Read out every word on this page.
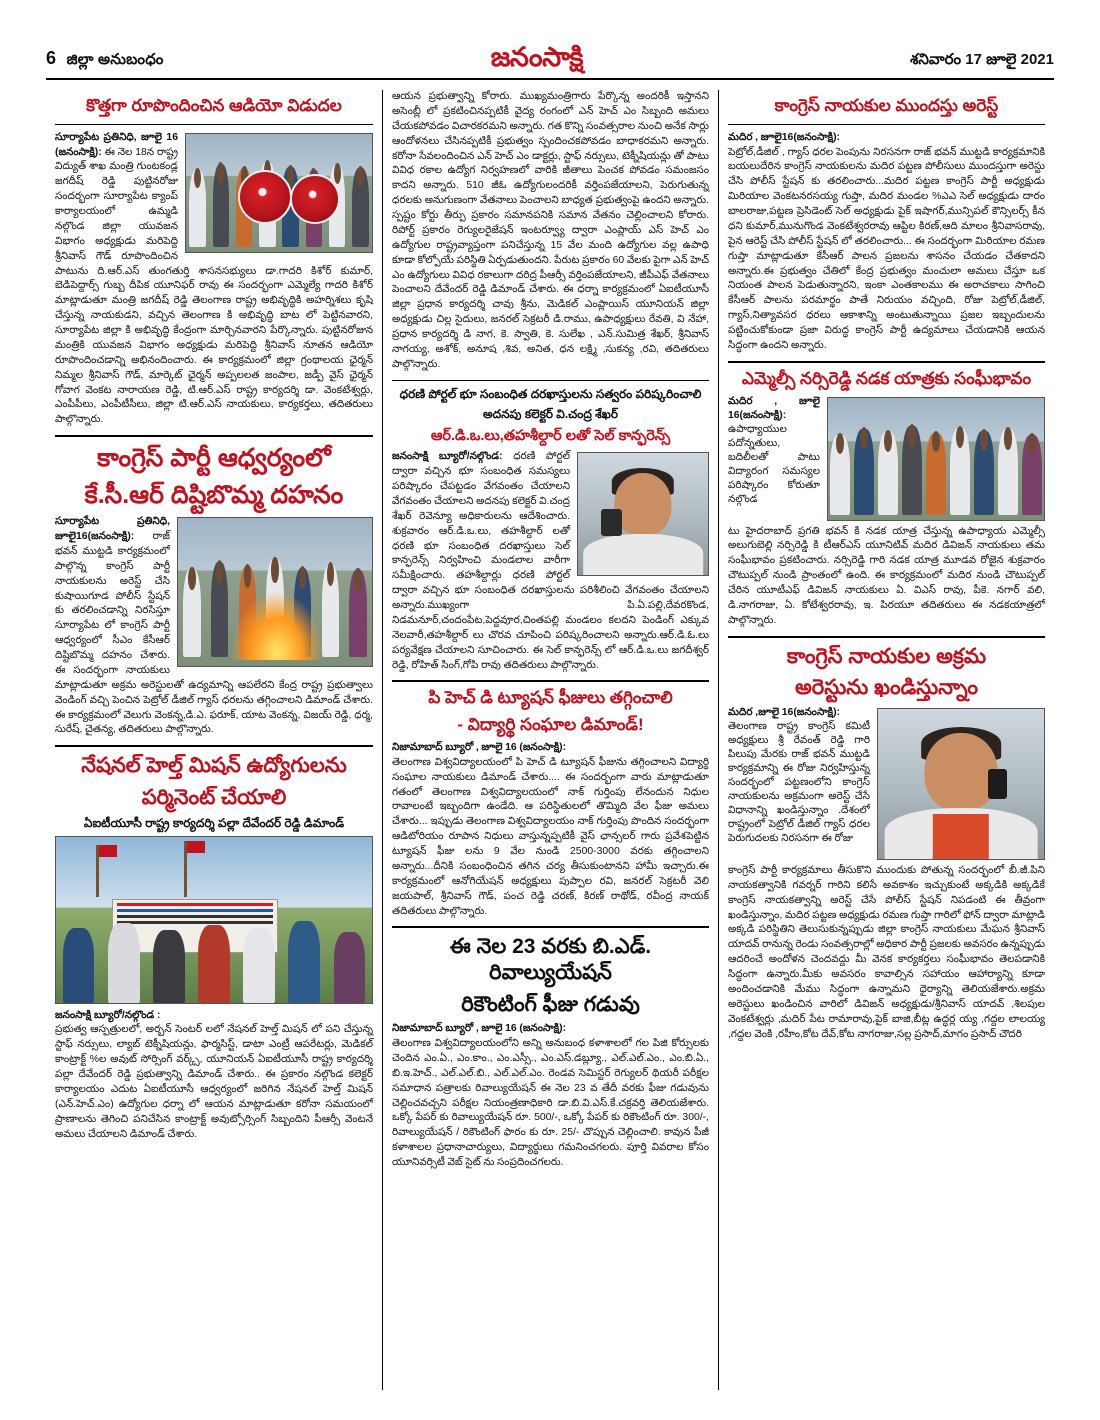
6 జిల్లా అనుబంధం	జనంసాక్షి	శనివారం 17 జూలై 2021
కొత్తగా రూపొందించిన ఆడియో విడుదల
సూర్యాపేట ప్రతినిధి, జూలై 16 (జనంసాక్షి): ఈ నెల 18న రాష్ట్ర విద్యుత్ శాఖ మంత్రి గుంటకండ్ల జగదీష్ రెడ్డి పుట్టినరోజు సందర్భంగా సూర్యాపేట క్యాంప్ కార్యాలయంలో ఉమ్మడి నల్గొండ జిల్లా యువజన విభాగం అధ్యక్షుడు మరిపెద్ది శ్రీనివాస్ గౌడ్ రూపొందించిన పాటును ది.ఆర్.ఎస్ తుంగతుర్తి శాసనసభ్యులు డా.గాదరి కిశోర్ కుమార్, బెడిపెద్దార్స్ గుబ్బ దీపిక యూనిఫర్ రావు ఈ సందర్భంగా ఎమ్మెల్యే గాదరి కిశోర్ మాట్లాడుతూ మంత్రి జగదీష్ రెడ్డి తెలంగాణ రాష్ట్ర అభివృద్ధికి అహర్నిశలు కృషి చేస్తున్న నాయకుడని, వచ్చిన తెలంగాణ కి అభివృద్ధి బాట లో పెట్టినవారని, సూర్యాపేట జిల్లా కి అభివృద్ధి కేంద్రంగా మార్చినవారని పేర్కొన్నారు. పుట్టినరోజున మంత్రికి యువజన విభాగం అధ్యక్షుడు మరిపెద్ది శ్రీనివాస్ నూతన ఆడియో రూపొందించడాన్ని అభినందించారు. ఈ కార్యక్రమంలో జిల్లా గ్రంథాలయ ఛైర్మన్ నిమ్మల శ్రీనివాస్ గౌడ్, మార్కెట్ ఛైర్మన్ అప్పలలత జంపాల, జడ్పీ వైస్ ఛైర్మన్ గోవాగ వెంకట నారాయణ రెడ్డి, టి.ఆర్.ఎస్ రాష్ట్ర కార్యదర్శి డా. వెంకటేశ్వర్లు, ఎంపీపీలు, ఎంపీటీసీలు, జిల్లా టి.ఆర్.ఎస్ నాయకులు, కార్యకర్తలు, తదితరులు పాల్గొన్నారు.
కాంగ్రెస్ పార్టీ ఆధ్వర్యంలో
కే.సీ.ఆర్ దిష్టిబొమ్మ దహనం
సూర్యాపేట ప్రతినిధి, జూలై16(జనంసాక్షి): రాజ్ భవన్ ముట్టడి కార్యక్రమంలో పాల్గొన్న కాంగ్రెస్ పార్టీ నాయకులను అరెస్ట్ చేసి కుషాయిగూడ పోలీస్ స్టేషన్ కు తరలించడాన్ని నిరసిస్తూ సూర్యాపేట లో కాంగ్రెస్ పార్టీ ఆధ్వర్యంలో సీఎం కేసీఆర్ దిష్టిబొమ్మ దహనం చేశారు. ఈ సందర్భంగా నాయకులు మాట్లాడుతూ అక్రమ అరెస్టులతో ఉద్యమాన్ని ఆపలేరని కేంద్ర రాష్ట్ర ప్రభుత్వాలు వెండింగ్ వచ్చి పెంచిన పెట్రోల్ డీజిల్ గ్యాస్ ధరలను తగ్గించాలని డిమాండ్ చేశారు. ఈ కార్యక్రమంలో వెలుగు వెంకన్న,డి.ఎ. ఫరూక్, యాట వెంకన్న, విజయ్ రెడ్డి, ధర్మ, సురేష్, చైతన్య, తదితరులు పాల్గొన్నారు.
నేషనల్ హెల్త్ మిషన్ ఉద్యోగులను
పర్మినెంట్ చేయాలి
ఏఐటీయూసీ రాష్ట్ర కార్యదర్శి పల్లా దేవేందర్ రెడ్డి డిమాండ్
జనంసాక్షి బ్యూరో/నల్గొండ :
ప్రభుత్వ ఆస్పత్రులలో, అర్బన్ సెంటర్ లలో నేషనల్ హెల్త్ మిషన్ లో పని చేస్తున్న స్టాఫ్ నర్సులు, ల్యాబ్ టెక్నీషియన్లు, ఫార్మసిస్ట్, డాటా ఎంట్రీ ఆపరేటర్లు, మెడికల్ కాంట్రాక్ట్ %ల అవుట్ సోర్సింగ్ వర్క్స్, యూనియన్ ఏఐటీయూసీ రాష్ట్ర కార్యదర్శి పల్లా దేవేందర్ రెడ్డి ప్రభుత్వాన్ని డిమాండ్ చేశారు.. ఈ ప్రకారం నల్గొండ కలెక్టర్ కార్యాలయం ఎదుట ఏఐటీయూసీ ఆధ్వర్యంలో జరిగిన నేషనల్ హెల్త్ మిషన్ (ఎన్.హెచ్.ఎం) ఉద్యోగుల ధర్నా లో ఆయన మాట్లాడుతూ కరోనా సమయంలో ప్రాణాలను తెగించి పనిచేసిన కాంట్రాక్ట్ అవుట్సోర్సింగ్ సిబ్బందిని పీఆర్సీ వెంటనే అమలు చేయాలని డిమాండ్ చేశారు.
ఆయన ప్రభుత్వాన్ని కోరారు. ముఖ్యమంత్రిగారు పేర్కొన్న అందరికీ ఇస్తానని అసెంబ్లీ లో ప్రకటించినప్పటికీ వైద్య రంగంలో ఎన్ హెచ్ ఎం సిబ్బంది అమలు చేయకపోవడం విచారకరమని అన్నారు. గత కొన్ని సంవత్సరాల నుంచి అనేక సార్లు ఆందోళనలు చేసినప్పటికీ ప్రభుత్వం స్పందించకపోవడం బాధాకరమని అన్నారు. కరోనా సేవలందించిన ఎన్ హెచ్ ఎం డాక్టర్లు, స్టాఫ్ నర్సులు, టెక్నీషియన్లు తో పాటు వివిధ రకాల ఉద్యోగ నిర్వహణలో వారికి జీతాలు పెంచక పోవడం సమంజసం కాదని అన్నారు. 510 జీఓ ఉద్యోగులందరికీ వర్తింపజేయాలని, పెరుగుతున్న ధరలకు అనుగుణంగా వేతనాలు పెంచాలని బాధ్యత ప్రభుత్వంపై ఉందని అన్నారు. స్పష్టం కోర్టు తీర్పు ప్రకారం సమానపనికి సమాన వేతనం చెల్లించాలని కోరారు. రిపోర్ట్ ప్రకారం రెగ్యులరైజేషన్ ఇంటర్వ్యూ ద్వారా ఎంప్లాయ్ ఎస్ హెచ్ ఎం ఉద్యోగుల రాష్ట్రవ్యాప్తంగా పనిచేస్తున్న 15 వేల మంది ఉద్యోగుల వల్ల ఉపాధి కూడా కోల్పోయే పరిస్థితి ఏర్పడుతుందని. పేరుట ప్రకారం 60 వేలకు పైగా ఎన్ హెచ్ ఎం ఉద్యోగులు వివిధ రకాలుగా దరిద్ర పీఆర్సీ వర్తింపజేయాలని, జీపీఎఫ్ వేతనాలు పెంచాలని దేవేందర్ రెడ్డి డిమాండ్ చేశారు. ఈ ధర్నా కార్యక్రమంలో ఏఐటీయూసీ జిల్లా ప్రధాన కార్యదర్శి చావు శ్రీను, మెడికల్ ఎంప్లాయిస్ యూనియన్ జిల్లా అధ్యక్షుడు చిల్ల సైదులు, జనరల్ సెక్రటరీ డి.రాము, ఉపాధ్యక్షులు రేవతి, వి నేహా, ప్రధాన కార్యదర్శి డి నాగ, కె. స్వాతి, కె. సులేఖ , ఎన్.సుమిత్ర శేఖర్, శ్రీనివాస్ నాగయ్య, అశోక్, అనూష ,శివ, అనిత, ధన లక్ష్మి ,సుకన్య ,రవి, తదితరులు పాల్గొన్నారు.
ధరణి పోర్టల్ భూ సంబంధిత దరఖాస్తులను సత్వరం పరిష్కరించాలి
అదనపు కలెక్టర్ వి.చంద్ర శేఖర్
ఆర్.డి.ఒ.లు,తహశీల్దార్ లతో సెల్ కాన్ఫరెన్స్
జనంసాక్షి బ్యూరో/నల్గొండ: ధరణి పోర్టల్ ద్వారా వచ్చిన భూ సంబంధిత సమస్యలు పరిష్కారం చేపట్టడం వేగవంతం చేయాలని వేగవంతం చేయాలని అదనపు కలెక్టర్ వి.చంద్ర శేఖర్ రెవెన్యూ అధికారులను ఆదేశించారు. శుక్రవారం ఆర్.డి.ఒ.లు, తహశీల్దార్ లతో ధరణి భూ సంబంధిత దరఖాస్తులు సెల్ కాన్ఫరెన్స్ నిర్వహించి మండలాల వారీగా సమీక్షించారు. తహశీల్దార్లు ధరణి పోర్టల్ ద్వారా వచ్చిన భూ సంబంధిత దరఖాస్తులను పరిశీలించి వేగవంతం చేయాలని అన్నారు.ముఖ్యంగా పి.ఏ.పల్లి,దేవరకొండ, నిడమనూర్,చందంపేట,పెద్దవూర,చింతపల్లి మండలం కలదని పెండింగ్ ఎక్కువ నెలవారీ,తహశీల్దార్ లు చొరవ చూపించి పరిష్కరించాలని అన్నారు.ఆర్.డి.ఓ.లు పర్యవేక్షణ చేయాలని సూచించారు. ఈ సెల్ కాన్ఫరెన్స్ లో ఆర్.డి.ఒ.లు జగదీశ్వర్ రెడ్డి, రోహిత్ సింగ్,గోపి రావు తదితరులు పాల్గొన్నారు.
పి హెచ్ డి ట్యూషన్ ఫీజులు తగ్గించాలి
- విద్యార్థి సంఘాల డిమాండ్!
నిజామాబాద్ బ్యూరో , జూలై 16 (జనంసాక్షి):
తెలంగాణ విశ్వవిద్యాలయంలో పి హెచ్ డి ట్యూషన్ ఫీజును తగ్గించాలని విద్యార్థి సంఘాల నాయకులు డిమాండ్ చేశారు.... ఈ సందర్భంగా వారు మాట్లాడుతూ గతంలో తెలంగాణ విశ్వవిద్యాలయంలో నాక్ గుర్తింపు లేనందున నిధుల రావాలంటే ఇబ్బందిగా ఉండేది. ఆ పరిస్థితులలో తొమ్మిది వేల ఫీజు అమలు చేశారు... ఇప్పుడు తెలంగాణ విశ్వవిద్యాలయం నాక్ గుర్తింపు పొందిన సందర్భంగా ఆడిటోరియం రూపాన నిధులు వాస్తున్నప్పటికీ వైస్ ఛాన్సలర్ గారు ప్రవేశపెట్టిన ట్యూషన్ ఫీజు లను 9 వేల నుండి 2500-3000 వరకు తగ్గించాలని అన్నారు...దీనికి సంబంధించిన తగిన చర్య తీసుకుంటానని హామీ ఇచ్చారు.ఈ కార్యక్రమంలో ఆనోగియేషన్ అధ్యక్షులు పుప్పాల రవి, జనరల్ సెక్రటరీ వెలి జయపాల్, శ్రీనివాస్ గౌడ్, పంచ రెడ్డి చరణ్, కిరణ్ రాథోడ్, రవీంద్ర నాయక్ తదితరులు పాల్గొన్నారు.
ఈ నెల 23 వరకు బి.ఎడ్. రివాల్యుయేషన్
రికౌంటింగ్ ఫీజు గడువు
నిజామాబాద్ బ్యూరో , జూలై 16 (జనంసాక్షి):
తెలంగాణ విశ్వవిద్యాలయంలోని అన్ని అనుబంధ కళాశాలలో గల పిజి కోర్సులకు చెందిన ఎం.ఏ., ఎం.కాం., ఎం.ఎస్సీ., ఎం.ఎస్.డబ్ల్యూ., ఎల్.ఎల్.ఎం., ఎం.బి.ఏ., బి.ఇ.హెచ్., ఎల్.ఎల్.బి., ఎల్.ఎల్.ఎం. రెండవ సెమిస్టర్ రెగ్యులర్ థియరీ పరీక్షల సమాధాన పత్రాలకు రివాల్యుయేషన్ ఈ నెల 23 వ తేదీ వరకు ఫీజు గడువును చెల్లించవచ్చని పరీక్షల నియంత్రణాధికారి డా.బి.వి.ఎస్.కే.చక్రవర్తి తెలియజేశారు. ఒక్కో పేపర్ కు రివాల్యుయేషన్ రూ. 500/-, ఒక్కో పేపర్ కు రికౌంటింగ్ రూ. 300/-, రివాల్యుయేషన్ / రికౌంటింగ్ ఫారం కు రూ. 25/- చొప్పున చెల్లించాలి. కావున పీజీ కళాశాలల ప్రధానాచార్యులు, విద్యార్థులు గమనించగలరు. పూర్తి వివరాల కోసం యూనివర్సిటీ వెబ్ సైట్ ను సంప్రదించగలరు.
కాంగ్రెస్ నాయకుల ముందస్తు అరెస్ట్
మదిర , జూలై16(జనంసాక్షి):
పెట్రోల్,డీజిల్ , గ్యాస్ ధరల పెంపును నిరసనగా రాజ్ భవన్ ముట్టడి కార్యక్రమానికి బయలుదేరిన కాంగ్రెస్ నాయకులను మదిర పట్టణ పోలీసులు ముందస్తుగా అరెస్టు చేసి పోలీస్ స్టేషన్ కు తరలించారు...మదిర పట్టణ కాంగ్రెస్ పార్టీ అధ్యక్షుడు మిరియాల వెంకటనరసయ్య గుప్తా, మదిర మండల %ఎఎ సెల్ అధ్యక్షుడు దారం బాలరాజు,పట్టణ ప్రెసిడెంట్ సెల్ అధ్యక్షుడు పైక్ ఇషాగర్,మున్సిపల్ కౌన్సిలర్స్ కీన ధని కుమార్,మునుగొండ వెంకటేశ్వరరావు ఆప్టిల కిరణ్,ఆది మాలం శ్రీనివాసరావు, పైన ఆరెస్ట్ చేసి పోలీస్ స్టేషన్ లో తరలించారు... ఈ సందర్భంగా మిరియాల రమణ గుప్తా మాట్లాడుతూ కేసీఆర్ పాలన ప్రజలను శాసనం చేయడం చేతకాదని అన్నారు.ఈ ప్రభుత్వం చేతిలో కేంద్ర ప్రభుత్వం మంచులా అమలు చేస్తూ ఒక నియంత పాలన పెడుతున్నారని, ఇంకా ఎంతకాలము ఈ అరాచకాలు సాగించి కేసీఆర్ పాలను పరమార్థం పాతే నిరుయం వచ్చింది, రోజు పెట్రోల్,డీజిల్, గ్యాస్,నిత్యావసర ధరలు ఆకాశాన్ని అంటుతున్నాయి ప్రజల ఇబ్బందులను పట్టించుకోకుండా ప్రజా విరుద్ధ కాంగ్రెస్ పార్టీ ఉద్యమాలు చేయడానికి ఆయన సిద్ధంగా ఉందని అన్నారు.
ఎమ్మెల్సీ నర్సిరెడ్డి నడక యాత్రకు సంఘీభావం
మదిర , జూలై 16(జనంసాక్షి):
ఉపాధ్యాయుల పదోన్నతులు, బదిలీలతో పాటు విద్యారంగ సమస్యల పరిష్కారం కోరుతూ నల్గొండ
టు హైదరాబాద్ ప్రగతి భవన్ కి నడక యాత్ర చేస్తున్న ఉపాధ్యాయ ఎమ్మెల్సీ అలుగుబెల్లి నర్సిరెడ్డి కి టీఆర్ఎస్ యూనిటివ్ మదిర డివిజన్ నాయకులు తమ సంఘీభావం ప్రకటించారు. నర్సిరెడ్డి గారి నడక యాత్ర మూడవ రోజైన శుక్రవారం చౌటుప్పల్ నుండి ప్రాంతంలో ఉంది. ఈ కార్యక్రమంలో మదిర నుండి చౌటుప్పల్ చేరిన యూటీఎఫ్ డివిజన్ నాయకులు ఏ. విఎస్ రావు, పీకె. నగార్ వలి, డి.నాగరాజు, ఏ. కోటేశ్వరరావు, ఇ. పిరయూ తదితరులు ఈ నడకయాత్రలో పాల్గొన్నారు.
కాంగ్రెస్ నాయకుల అక్రమ
అరెస్టును ఖండిస్తున్నాం
మదిర ,జూలై 16(జనంసాక్షి):
తెలంగాణ రాష్ట్ర కాంగ్రెస్ కమిటీ అధ్యక్షులు శ్రీ రేవంత్ రెడ్డి గారి పిలుపు మేరకు రాజ్ భవన్ ముట్టడి కార్యక్రమాన్ని ఈ రోజు నిర్వహిస్తున్న సందర్భంలో పట్టణంలోని కాంగ్రెస్ నాయకులను అక్రమంగా అరెస్ట్ చేసే విధానాన్ని ఖండిస్తున్నాం .దేశంలో రాష్ట్రంలో పెట్రోల్ డీజిల్ గ్యాస్ ధరల పెరుగుదలకు నిరసనగా ఈ రోజు
కాంగ్రెస్ పార్టీ కార్యక్రమాలు తీసుకొని ముందుకు పోతున్న సందర్భంలో బీ.జీ.పిని నాయకత్వానికి గవర్నర్ గారిని కలిసే అవకాశం ఇచ్చుకుంటే అక్కడికి అక్కడికే కాంగ్రెస్ నాయకత్వాన్ని అరెస్ట్ చేసే పోలీస్ స్టేషన్ నిపడంటి ఈ తీవ్రంగా ఖండిస్తున్నాం, మదిర పట్టణ అధ్యక్షుడు రమణ గుప్తా గారిలో ఫోన్ ద్వారా మాట్లాడి అక్కడి పరిస్థితిని తెలుసుకున్నప్పుడు జిల్లా కాంగ్రెస్ నాయకులు మేఘన శ్రీనివాస్ యాదవ్ రానున్న రెండు సంవత్సరాల్లో అధికార పార్టీ ప్రజలకు అవసరం ఉన్నప్పుడు ఆదరించే అందోళన చెందవద్దు మీ వెనక కార్యకర్తలు సంఘీభావం తెలపడానికి సిద్ధంగా ఉన్నారు.మీకు అవసరం కావాల్సిన సహాయం ఆహార్యాన్ని కూడా అందించడానికి మేము సిద్ధంగా ఉన్నామని ధైర్యాన్ని తెలియజేశారు.అక్రమ అరెస్టులు ఖండించిన వారిలో డివిజన్ అధ్యక్షుడు/శ్రీనివాస్ యాదవ్ ,శిలపుల వెంకటేశ్వర్లు ,మదిర్ పేట రామారావు,పైక్ బాజి,బీట్ల ఉద్ధర్ల య్య ,గద్దల లాలయ్య ,గద్దల వెంకి ,రహీం,కోట దేవ్,కోట నాగరాజు,సల్ల ప్రసాద్,మాగం ప్రసాద్ చౌదరి
